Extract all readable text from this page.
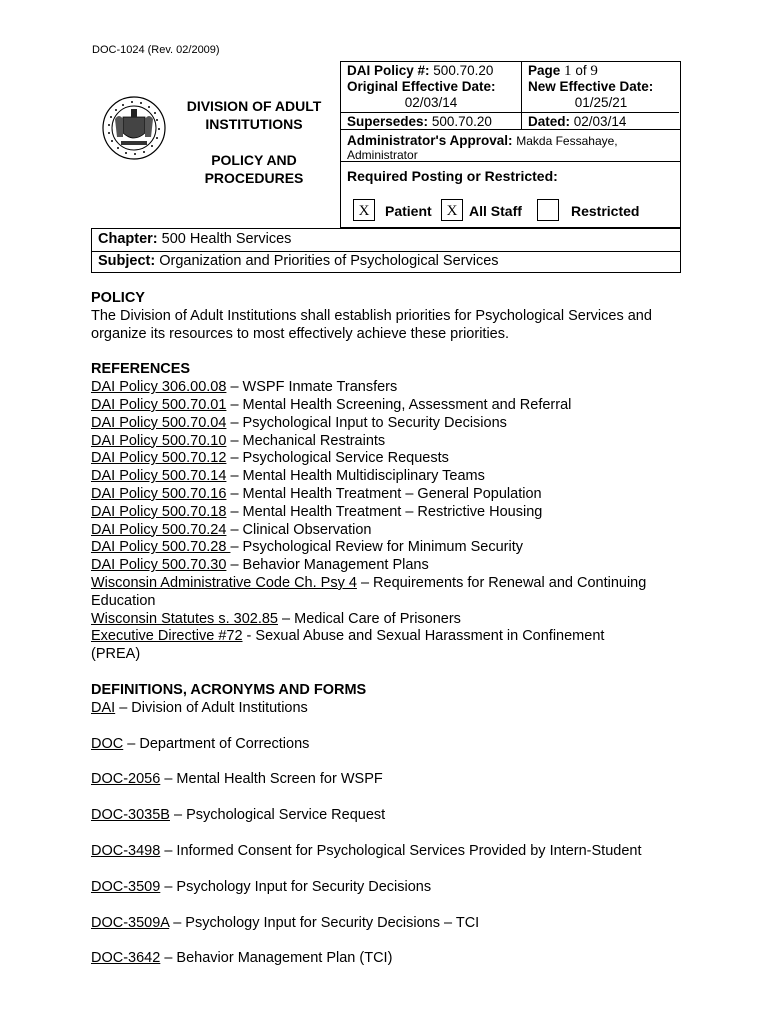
DOC-1024 (Rev. 02/2009)
DIVISION OF ADULT
INSTITUTIONS
POLICY AND
PROCEDURES
DAI Policy #: 500.70.20
Original Effective Date:
02/03/14
Supersedes: 500.70.20
Page 1 of 9
New Effective Date:
01/25/21
Dated: 02/03/14
Administrator's Approval: Makda Fessahaye,
Administrator
Required Posting or Restricted:
X	Patient X All Staff	Restricted
Chapter: 500 Health Services
Subject: Organization and Priorities of Psychological Services
POLICY

The Division of Adult Institutions shall establish priorities for Psychological Services and organize its resources to most effectively achieve these priorities.

REFERENCES
DAI Policy 306.00.08 – WSPF Inmate Transfers
DAI Policy 500.70.01 – Mental Health Screening, Assessment and Referral
DAI Policy 500.70.04 – Psychological Input to Security Decisions
DAI Policy 500.70.10 – Mechanical Restraints
DAI Policy 500.70.12 – Psychological Service Requests
DAI Policy 500.70.14 – Mental Health Multidisciplinary Teams
DAI Policy 500.70.16 – Mental Health Treatment – General Population
DAI Policy 500.70.18 – Mental Health Treatment – Restrictive Housing
DAI Policy 500.70.24 – Clinical Observation
DAI Policy 500.70.28 – Psychological Review for Minimum Security
DAI Policy 500.70.30 – Behavior Management Plans
Wisconsin Administrative Code Ch. Psy 4 – Requirements for Renewal and Continuing Education
Wisconsin Statutes s. 302.85 – Medical Care of Prisoners
Executive Directive #72 - Sexual Abuse and Sexual Harassment in Confinement (PREA)
DEFINITIONS, ACRONYMS AND FORMS
DAI – Division of Adult Institutions
DOC – Department of Corrections
DOC-2056 – Mental Health Screen for WSPF
DOC-3035B – Psychological Service Request
DOC-3498 – Informed Consent for Psychological Services Provided by Intern-Student
DOC-3509 – Psychology Input for Security Decisions
DOC-3509A – Psychology Input for Security Decisions – TCI
DOC-3642 – Behavior Management Plan (TCI)
